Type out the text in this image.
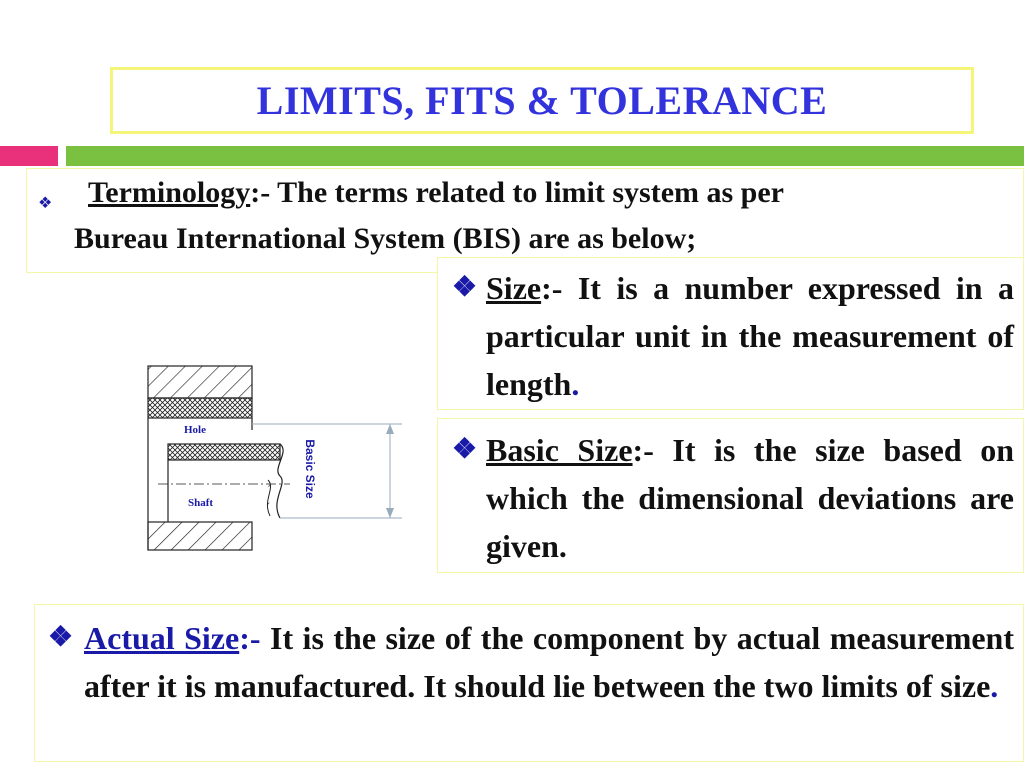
LIMITS, FITS & TOLERANCE
❖ Terminology:- The terms related to limit system as per
Bureau International System (BIS) are as below;
❖ Size:- It is a number expressed in a particular unit in the measurement of length.
❖ Basic Size:- It is the size based on which the dimensional deviations are given.
❖ Actual Size:- It is the size of the component by actual measurement after it is manufactured. It should lie between the two limits of size.
Hole
Shaft
Basic Size
